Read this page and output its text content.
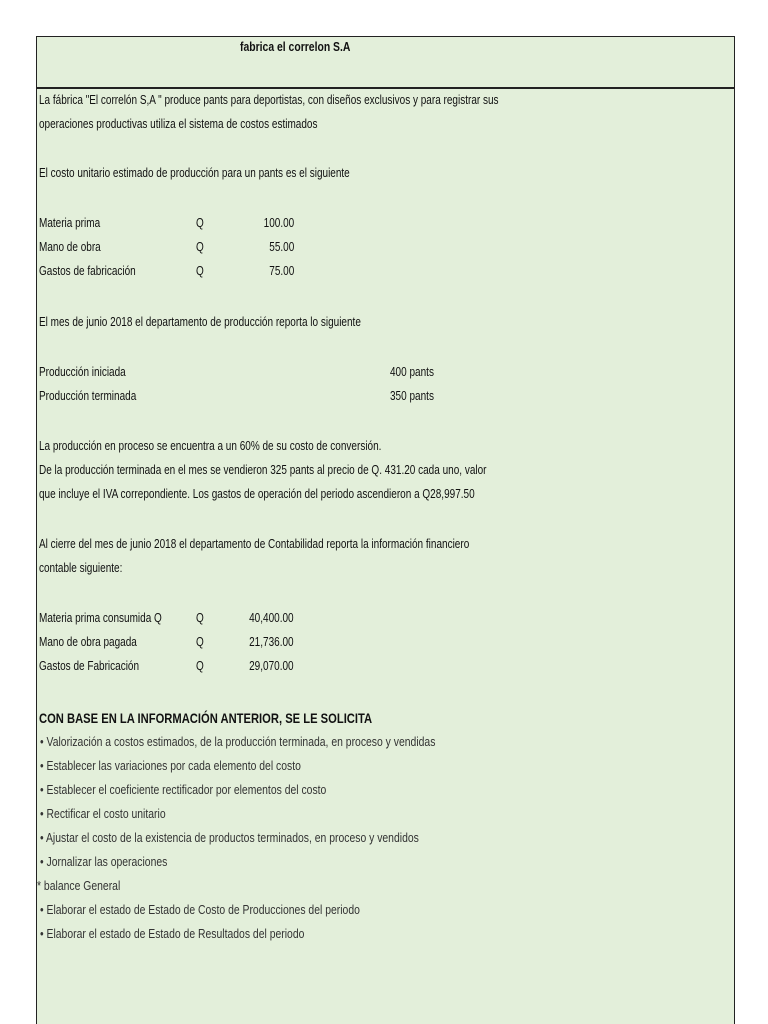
fabrica el correlon S.A
La fábrica "El correlón S,A " produce pants para deportistas, con diseños exclusivos y para registrar sus
operaciones productivas utiliza el sistema de costos estimados
El costo unitario estimado de producción para un pants es el siguiente
Materia prima	Q	100.00
Mano de obra	Q	55.00
Gastos de fabricación	Q	75.00
El mes de junio 2018 el departamento de producción reporta lo siguiente
Producción iniciada	400 pants
Producción terminada	350 pants
La producción en proceso se encuentra a un 60% de su costo de conversión.
De la producción terminada en el mes se vendieron 325 pants al precio de Q. 431.20 cada uno, valor
que incluye el IVA correpondiente. Los gastos de operación del periodo ascendieron a Q28,997.50
Al cierre del mes de junio 2018 el departamento de Contabilidad reporta la información financiero
contable siguiente:
Materia prima consumida Q	Q	40,400.00
Mano de obra pagada	Q	21,736.00
Gastos de Fabricación	Q	29,070.00
CON BASE EN LA INFORMACIÓN ANTERIOR, SE LE SOLICITA
• Valorización a costos estimados, de la producción terminada, en proceso y vendidas
• Establecer las variaciones por cada elemento del costo
• Establecer el coeficiente rectificador por elementos del costo
• Rectificar el costo unitario
• Ajustar el costo de la existencia de productos terminados, en proceso y vendidos
• Jornalizar las operaciones
* balance General
• Elaborar el estado de Estado de Costo de Producciones del periodo
• Elaborar el estado de Estado de Resultados del periodo
